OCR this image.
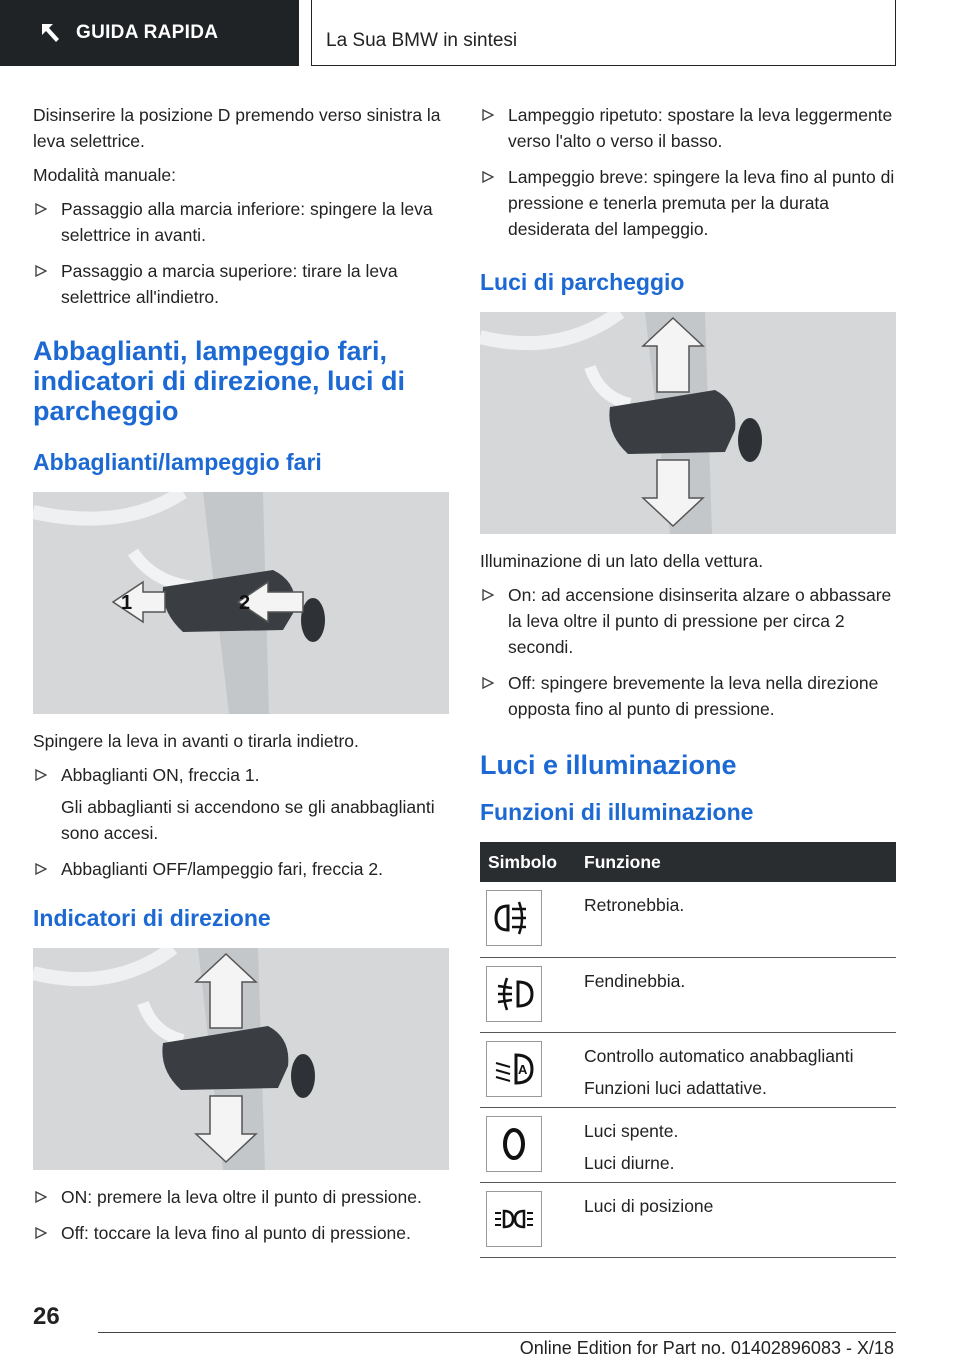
GUIDA RAPIDA	La Sua BMW in sintesi

Disinserire la posizione D premendo verso sinistra la leva selettrice.

Modalità manuale:

Passaggio alla marcia inferiore: spingere la leva selettrice in avanti.
Passaggio a marcia superiore: tirare la leva selettrice all'indietro.
Abbaglianti, lampeggio fari, indicatori di direzione, luci di parcheggio
Abbaglianti/lampeggio fari
1	2

Spingere la leva in avanti o tirarla indietro.

Abbaglianti ON, freccia 1.
Gli abbaglianti si accendono se gli anabbaglianti sono accesi.
Abbaglianti OFF/lampeggio fari, freccia 2.
Indicatori di direzione
ON: premere la leva oltre il punto di pressione.
Off: toccare la leva fino al punto di pressione.
Lampeggio ripetuto: spostare la leva leggermente verso l'alto o verso il basso.
Lampeggio breve: spingere la leva fino al punto di pressione e tenerla premuta per la durata desiderata del lampeggio.
Luci di parcheggio

Illuminazione di un lato della vettura.

On: ad accensione disinserita alzare o abbassare la leva oltre il punto di pressione per circa 2 secondi.
Off: spingere brevemente la leva nella direzione opposta fino al punto di pressione.
Luci e illuminazione
Funzioni di illuminazione
Simbolo	Funzione

Retronebbia.

Fendinebbia.

A	Controllo automatico anabbaglianti
Funzioni luci adattative.

Luci spente.
Luci diurne.

Luci di posizione
26
Online Edition for Part no. 01402896083 - X/18
